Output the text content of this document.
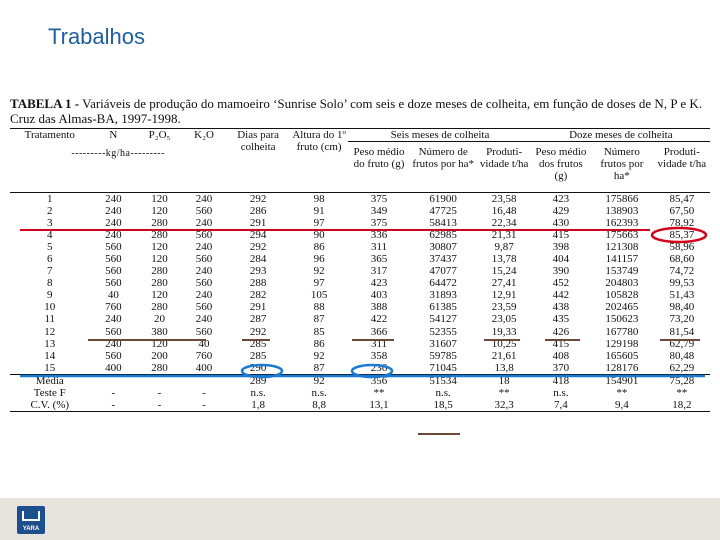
Trabalhos
TABELA 1 - Variáveis de produção do mamoeiro ‘Sunrise Solo’ com seis e doze meses de colheita, em função de doses de N, P e K. Cruz das Almas-BA, 1997-1998.
Tratamento	N	P₂O₅	K₂O	Dias para colheita	Altura do 1º fruto (cm)	Seis meses de colheita			Doze meses de colheita		
						Peso médio do fruto (g)	Número de frutos por ha*	Produti- vidade t/ha	Peso médio dos frutos (g)	Número frutos por ha*	Produti- vidade t/ha
---------kg/ha---------											
1	240	120	240	292	98	375	61900	23,58	423	175866	85,47
2	240	120	560	286	91	349	47725	16,48	429	138903	67,50
3	240	280	240	291	97	375	58413	22,34	430	162393	78,92
4	240	280	560	294	90	336	62985	21,31	415	175663	85,37
5	560	120	240	292	86	311	30807	9,87	398	121308	58,96
6	560	120	560	284	96	365	37437	13,78	404	141157	68,60
7	560	280	240	293	92	317	47077	15,24	390	153749	74,72
8	560	280	560	288	97	423	64472	27,41	452	204803	99,53
9	40	120	240	282	105	403	31893	12,91	442	105828	51,43
10	760	280	560	291	88	388	61385	23,59	438	202465	98,40
11	240	20	240	287	87	422	54127	23,05	435	150623	73,20
12	560	380	560	292	85	366	52355	19,33	426	167780	81,54
13	240	120	40	285	86	311	31607	10,25	415	129198	62,79
14	560	200	760	285	92	358	59785	21,61	408	165605	80,48
15	400	280	400	290	87	236	71045	13,8	370	128176	62,29
Média				289	92	356	51534	18	418	154901	75,28
Teste F	-	-	-	n.s.	n.s.	**	n.s.	**	n.s.	**	**
C.V. (%)	-	-	-	1,8	8,8	13,1	18,5	32,3	7,4	9,4	18,2
YARA
